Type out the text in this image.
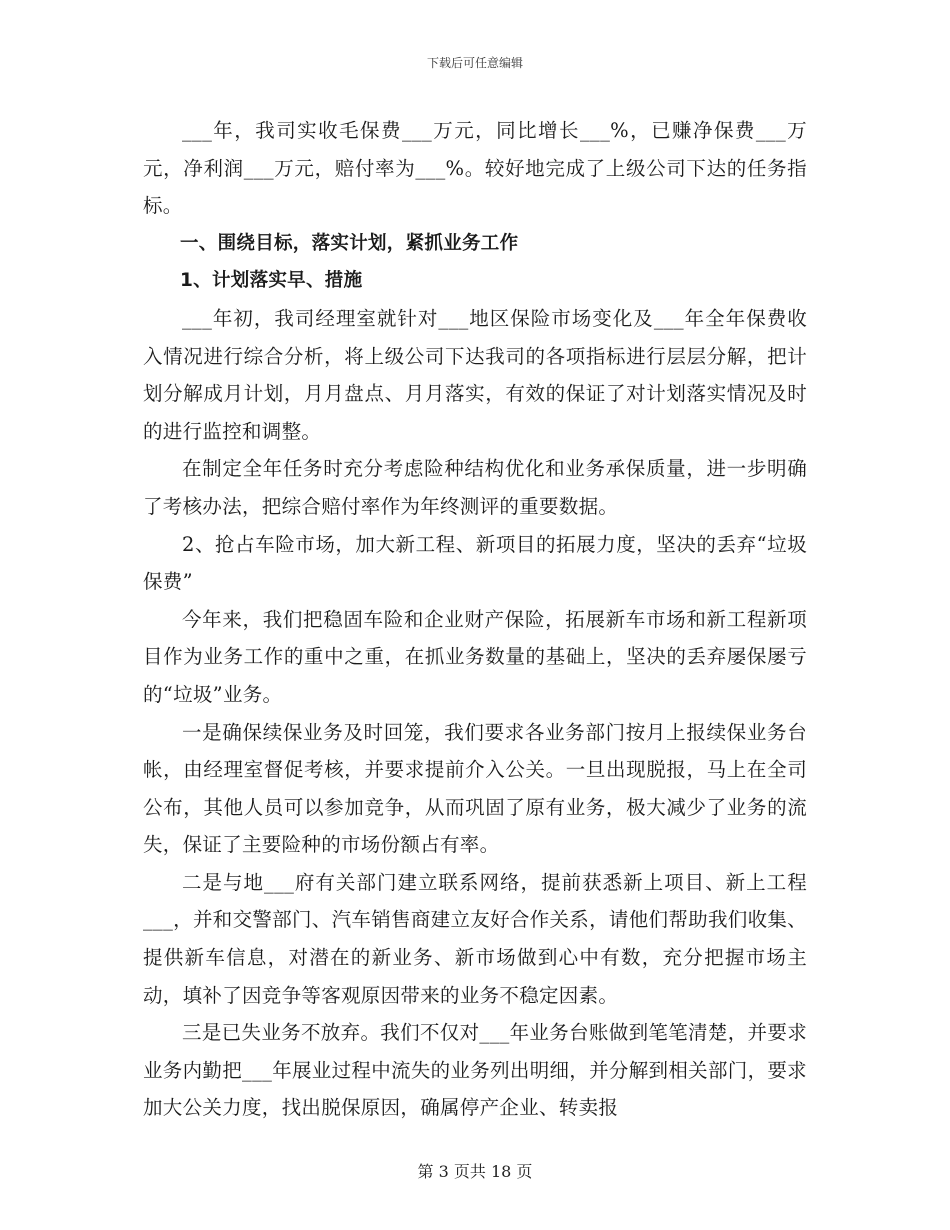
下载后可任意编辑

___年，我司实收毛保费___万元，同比增长___%，已赚净保费___万元，净利润___万元，赔付率为___%。较好地完成了上级公司下达的任务指标。

一、围绕目标，落实计划，紧抓业务工作

1、计划落实早、措施

___年初，我司经理室就针对___地区保险市场变化及___年全年保费收入情况进行综合分析，将上级公司下达我司的各项指标进行层层分解，把计划分解成月计划，月月盘点、月月落实，有效的保证了对计划落实情况及时的进行监控和调整。

在制定全年任务时充分考虑险种结构优化和业务承保质量，进一步明确了考核办法，把综合赔付率作为年终测评的重要数据。

2、抢占车险市场，加大新工程、新项目的拓展力度，坚决的丢弃“垃圾保费”

今年来，我们把稳固车险和企业财产保险，拓展新车市场和新工程新项目作为业务工作的重中之重，在抓业务数量的基础上，坚决的丢弃屡保屡亏的“垃圾”业务。

一是确保续保业务及时回笼，我们要求各业务部门按月上报续保业务台帐，由经理室督促考核，并要求提前介入公关。一旦出现脱报，马上在全司公布，其他人员可以参加竞争，从而巩固了原有业务，极大减少了业务的流失，保证了主要险种的市场份额占有率。

二是与地___府有关部门建立联系网络，提前获悉新上项目、新上工程___，并和交警部门、汽车销售商建立友好合作关系，请他们帮助我们收集、提供新车信息，对潜在的新业务、新市场做到心中有数，充分把握市场主动，填补了因竞争等客观原因带来的业务不稳定因素。

三是已失业务不放弃。我们不仅对___年业务台账做到笔笔清楚，并要求业务内勤把___年展业过程中流失的业务列出明细，并分解到相关部门，要求加大公关力度，找出脱保原因，确属停产企业、转卖报

第 3 页共 18 页
